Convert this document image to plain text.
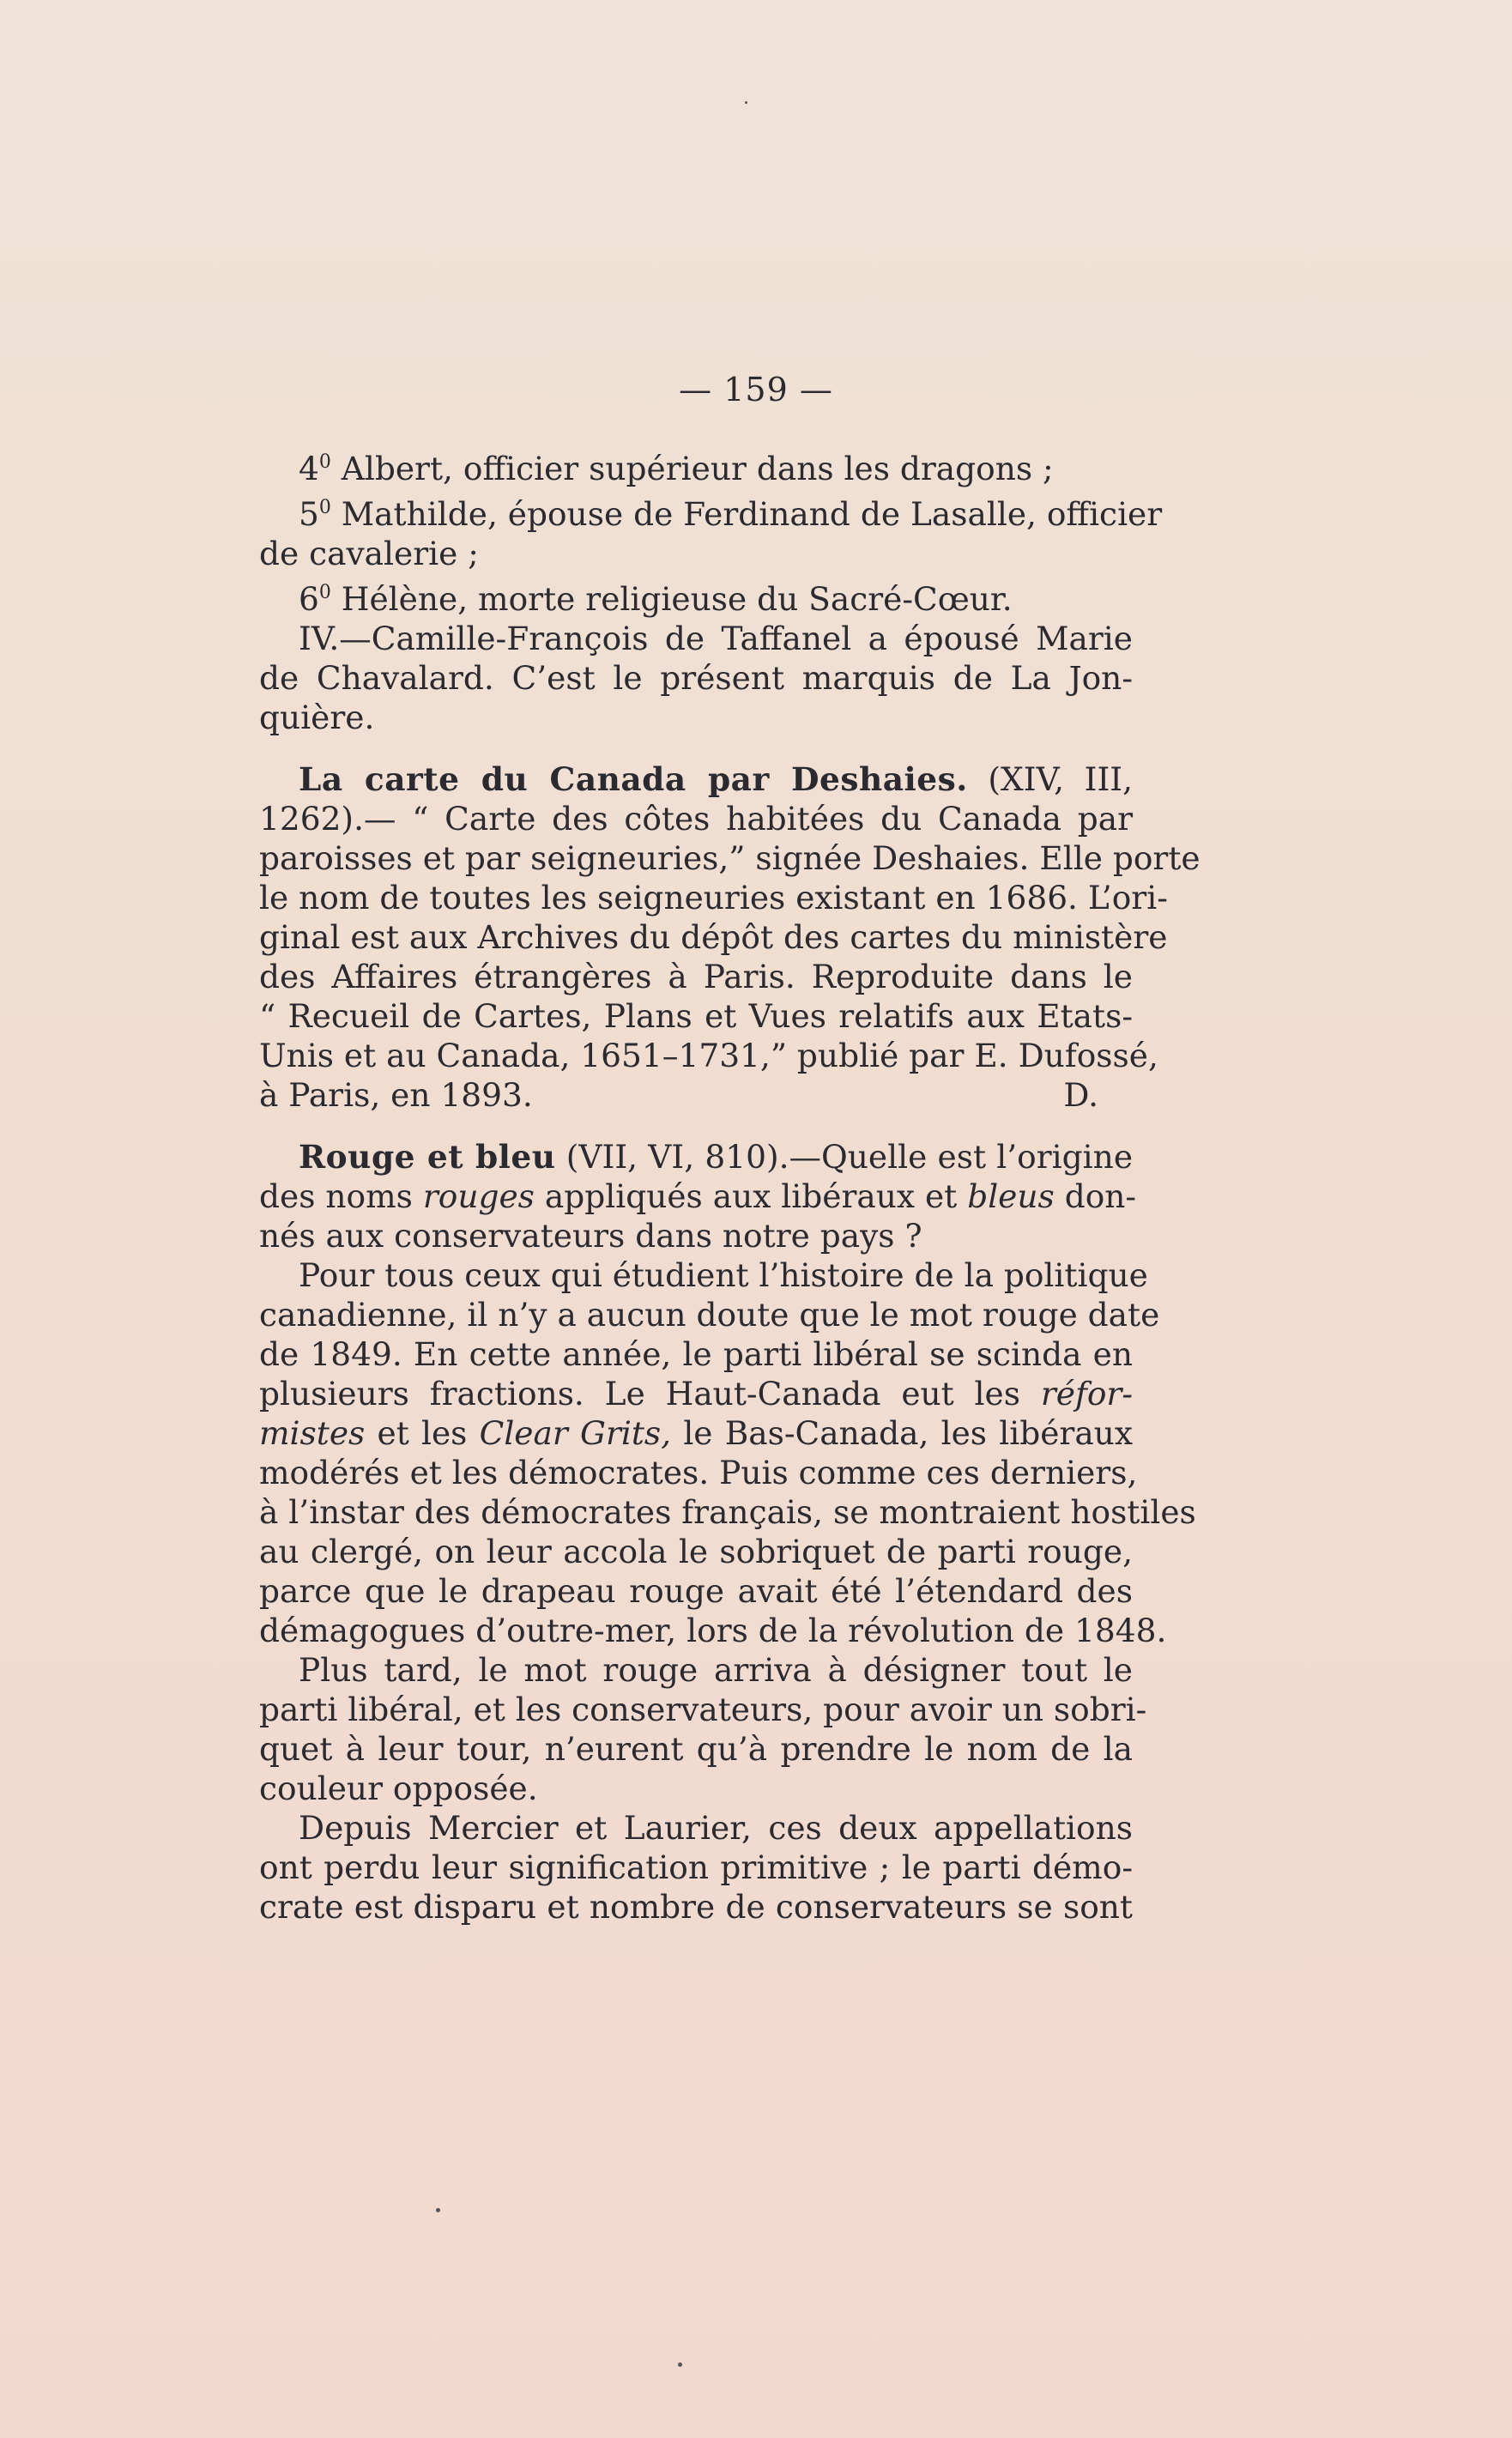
— 159 —
$4^0$ Albert, officier supérieur dans les dragons ;
$5^0$ Mathilde, épouse de Ferdinand de Lasalle, officier
de cavalerie ;
$6^0$ Hélène, morte religieuse du Sacré-Cœur.
IV.—Camille-François de Taffanel a épousé Marie
de Chavalard. C’est le présent marquis de La Jon-
quière.
La carte du Canada par Deshaies. (XIV, III,
1262).— “ Carte des côtes habitées du Canada par
paroisses et par seigneuries,” signée Deshaies. Elle porte
le nom de toutes les seigneuries existant en 1686. L’ori-
ginal est aux Archives du dépôt des cartes du ministère
des Affaires étrangères à Paris. Reproduite dans le
“ Recueil de Cartes, Plans et Vues relatifs aux Etats-
Unis et au Canada, 1651–1731,” publié par E. Dufossé,
à Paris, en 1893.	D.
Rouge et bleu (VII, VI, 810).—Quelle est l’origine
des noms rouges appliqués aux libéraux et bleus don-
nés aux conservateurs dans notre pays ?
Pour tous ceux qui étudient l’histoire de la politique
canadienne, il n’y a aucun doute que le mot rouge date
de 1849. En cette année, le parti libéral se scinda en
plusieurs fractions. Le Haut-Canada eut les réfor-
mistes et les Clear Grits, le Bas-Canada, les libéraux
modérés et les démocrates. Puis comme ces derniers,
à l’instar des démocrates français, se montraient hostiles
au clergé, on leur accola le sobriquet de parti rouge,
parce que le drapeau rouge avait été l’étendard des
démagogues d’outre-mer, lors de la révolution de 1848.
Plus tard, le mot rouge arriva à désigner tout le
parti libéral, et les conservateurs, pour avoir un sobri-
quet à leur tour, n’eurent qu’à prendre le nom de la
couleur opposée.
Depuis Mercier et Laurier, ces deux appellations
ont perdu leur signification primitive ; le parti démo-
crate est disparu et nombre de conservateurs se sont
